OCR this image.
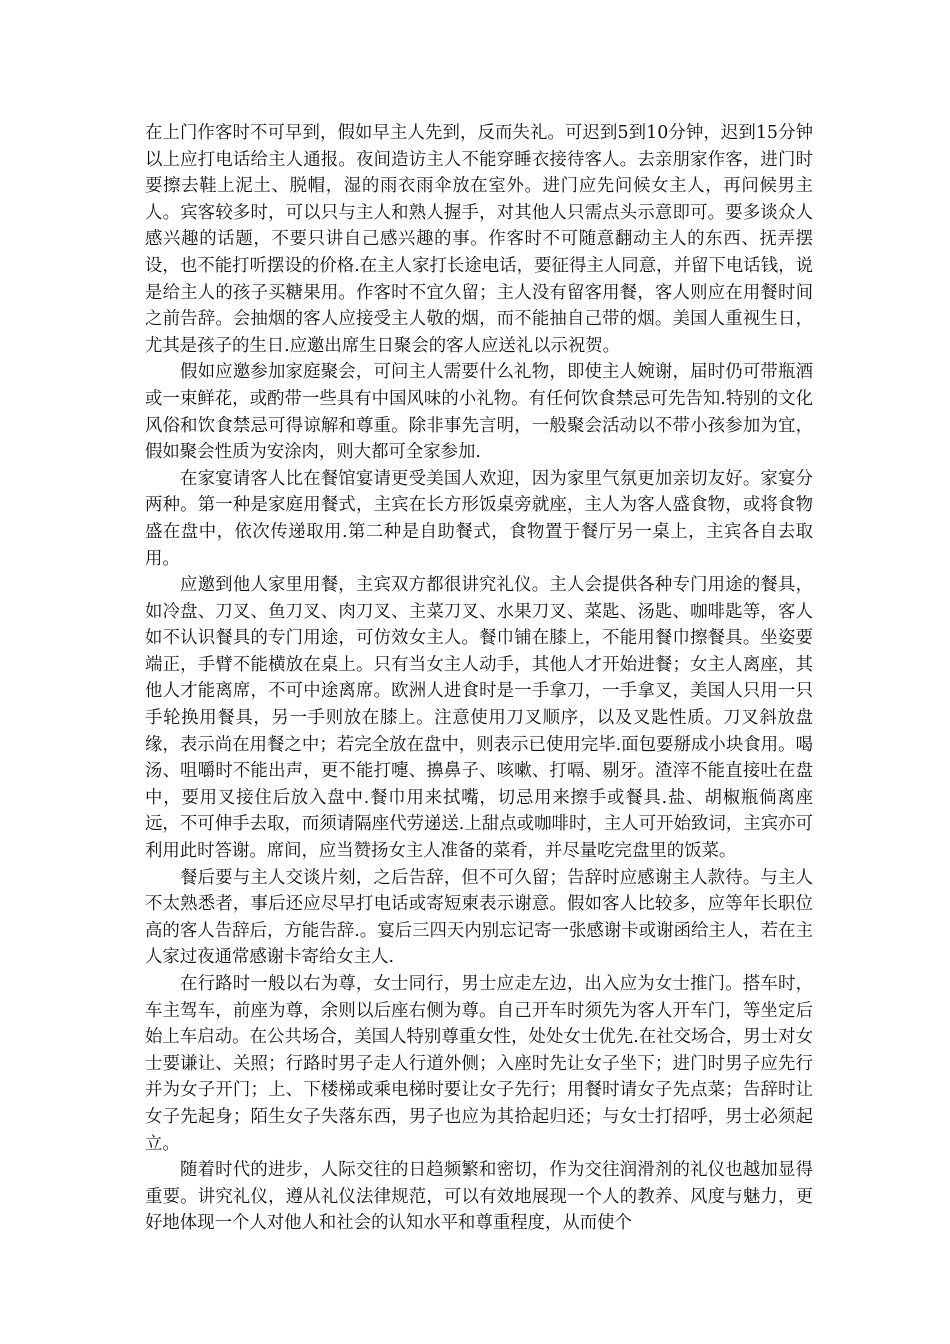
在上门作客时不可早到，假如早主人先到，反而失礼。可迟到5到10分钟，迟到15分钟以上应打电话给主人通报。夜间造访主人不能穿睡衣接待客人。去亲朋家作客，进门时要擦去鞋上泥土、脱帽，湿的雨衣雨伞放在室外。进门应先问候女主人，再问候男主人。宾客较多时，可以只与主人和熟人握手，对其他人只需点头示意即可。要多谈众人感兴趣的话题，不要只讲自己感兴趣的事。作客时不可随意翻动主人的东西、抚弄摆设，也不能打听摆设的价格.在主人家打长途电话，要征得主人同意，并留下电话钱，说是给主人的孩子买糖果用。作客时不宜久留；主人没有留客用餐，客人则应在用餐时间之前告辞。会抽烟的客人应接受主人敬的烟，而不能抽自己带的烟。美国人重视生日，尤其是孩子的生日.应邀出席生日聚会的客人应送礼以示祝贺。

假如应邀参加家庭聚会，可问主人需要什么礼物，即使主人婉谢，届时仍可带瓶酒或一束鲜花，或酌带一些具有中国风味的小礼物。有任何饮食禁忌可先告知.特别的文化风俗和饮食禁忌可得谅解和尊重。除非事先言明，一般聚会活动以不带小孩参加为宜，假如聚会性质为安涂肉，则大都可全家参加.

在家宴请客人比在餐馆宴请更受美国人欢迎，因为家里气氛更加亲切友好。家宴分两种。第一种是家庭用餐式，主宾在长方形饭桌旁就座，主人为客人盛食物，或将食物盛在盘中，依次传递取用.第二种是自助餐式，食物置于餐厅另一桌上，主宾各自去取用。

应邀到他人家里用餐，主宾双方都很讲究礼仪。主人会提供各种专门用途的餐具，如冷盘、刀叉、鱼刀叉、肉刀叉、主菜刀叉、水果刀叉、菜匙、汤匙、咖啡匙等，客人如不认识餐具的专门用途，可仿效女主人。餐巾铺在膝上，不能用餐巾擦餐具。坐姿要端正，手臂不能横放在桌上。只有当女主人动手，其他人才开始进餐；女主人离座，其他人才能离席，不可中途离席。欧洲人进食时是一手拿刀，一手拿叉，美国人只用一只手轮换用餐具，另一手则放在膝上。注意使用刀叉顺序，以及叉匙性质。刀叉斜放盘缘，表示尚在用餐之中；若完全放在盘中，则表示已使用完毕.面包要掰成小块食用。喝汤、咀嚼时不能出声，更不能打嚏、擤鼻子、咳嗽、打嗝、剔牙。渣滓不能直接吐在盘中，要用叉接住后放入盘中.餐巾用来拭嘴，切忌用来擦手或餐具.盐、胡椒瓶倘离座远，不可伸手去取，而须请隔座代劳递送.上甜点或咖啡时，主人可开始致词，主宾亦可利用此时答谢。席间，应当赞扬女主人准备的菜肴，并尽量吃完盘里的饭菜。

餐后要与主人交谈片刻，之后告辞，但不可久留；告辞时应感谢主人款待。与主人不太熟悉者，事后还应尽早打电话或寄短柬表示谢意。假如客人比较多，应等年长职位高的客人告辞后，方能告辞.。宴后三四天内别忘记寄一张感谢卡或谢函给主人，若在主人家过夜通常感谢卡寄给女主人.

在行路时一般以右为尊，女士同行，男士应走左边，出入应为女士推门。搭车时，车主驾车，前座为尊，余则以后座右侧为尊。自己开车时须先为客人开车门，等坐定后始上车启动。在公共场合，美国人特别尊重女性，处处女士优先.在社交场合，男士对女士要谦让、关照；行路时男子走人行道外侧；入座时先让女子坐下；进门时男子应先行并为女子开门；上、下楼梯或乘电梯时要让女子先行；用餐时请女子先点菜；告辞时让女子先起身；陌生女子失落东西，男子也应为其拾起归还；与女士打招呼，男士必须起立。

随着时代的进步，人际交往的日趋频繁和密切，作为交往润滑剂的礼仪也越加显得重要。讲究礼仪，遵从礼仪法律规范，可以有效地展现一个人的教养、风度与魅力，更好地体现一个人对他人和社会的认知水平和尊重程度，从而使个
